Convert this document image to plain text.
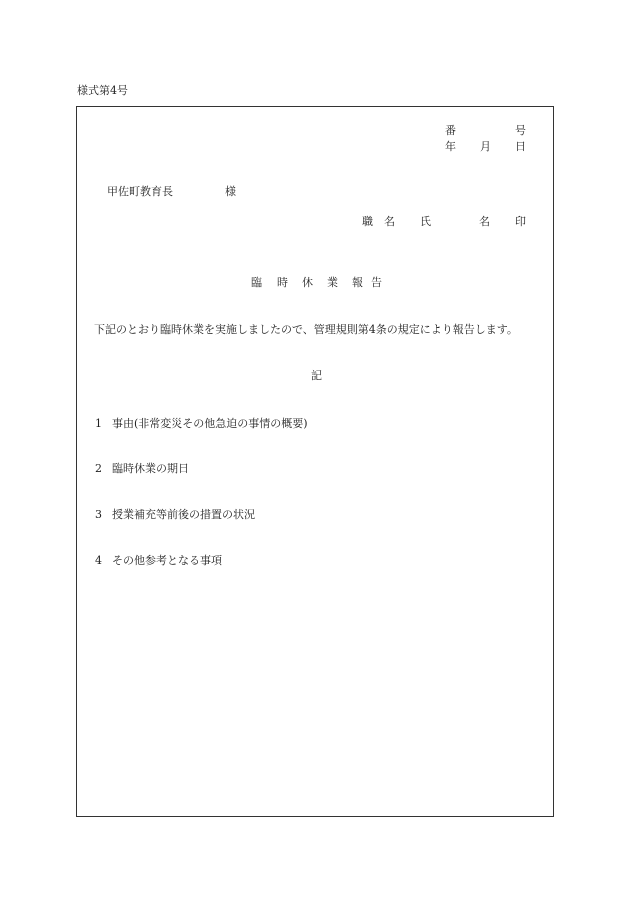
様式第4号
番	号
年 月 日
甲佐町教育長	様
職 名 氏	名 印
臨 時 休 業 報 告
下記のとおり臨時休業を実施しましたので、管理規則第4条の規定により報告します。
記
1 事由(非常変災その他急迫の事情の概要)
2 臨時休業の期日
3 授業補充等前後の措置の状況
4 その他参考となる事項
